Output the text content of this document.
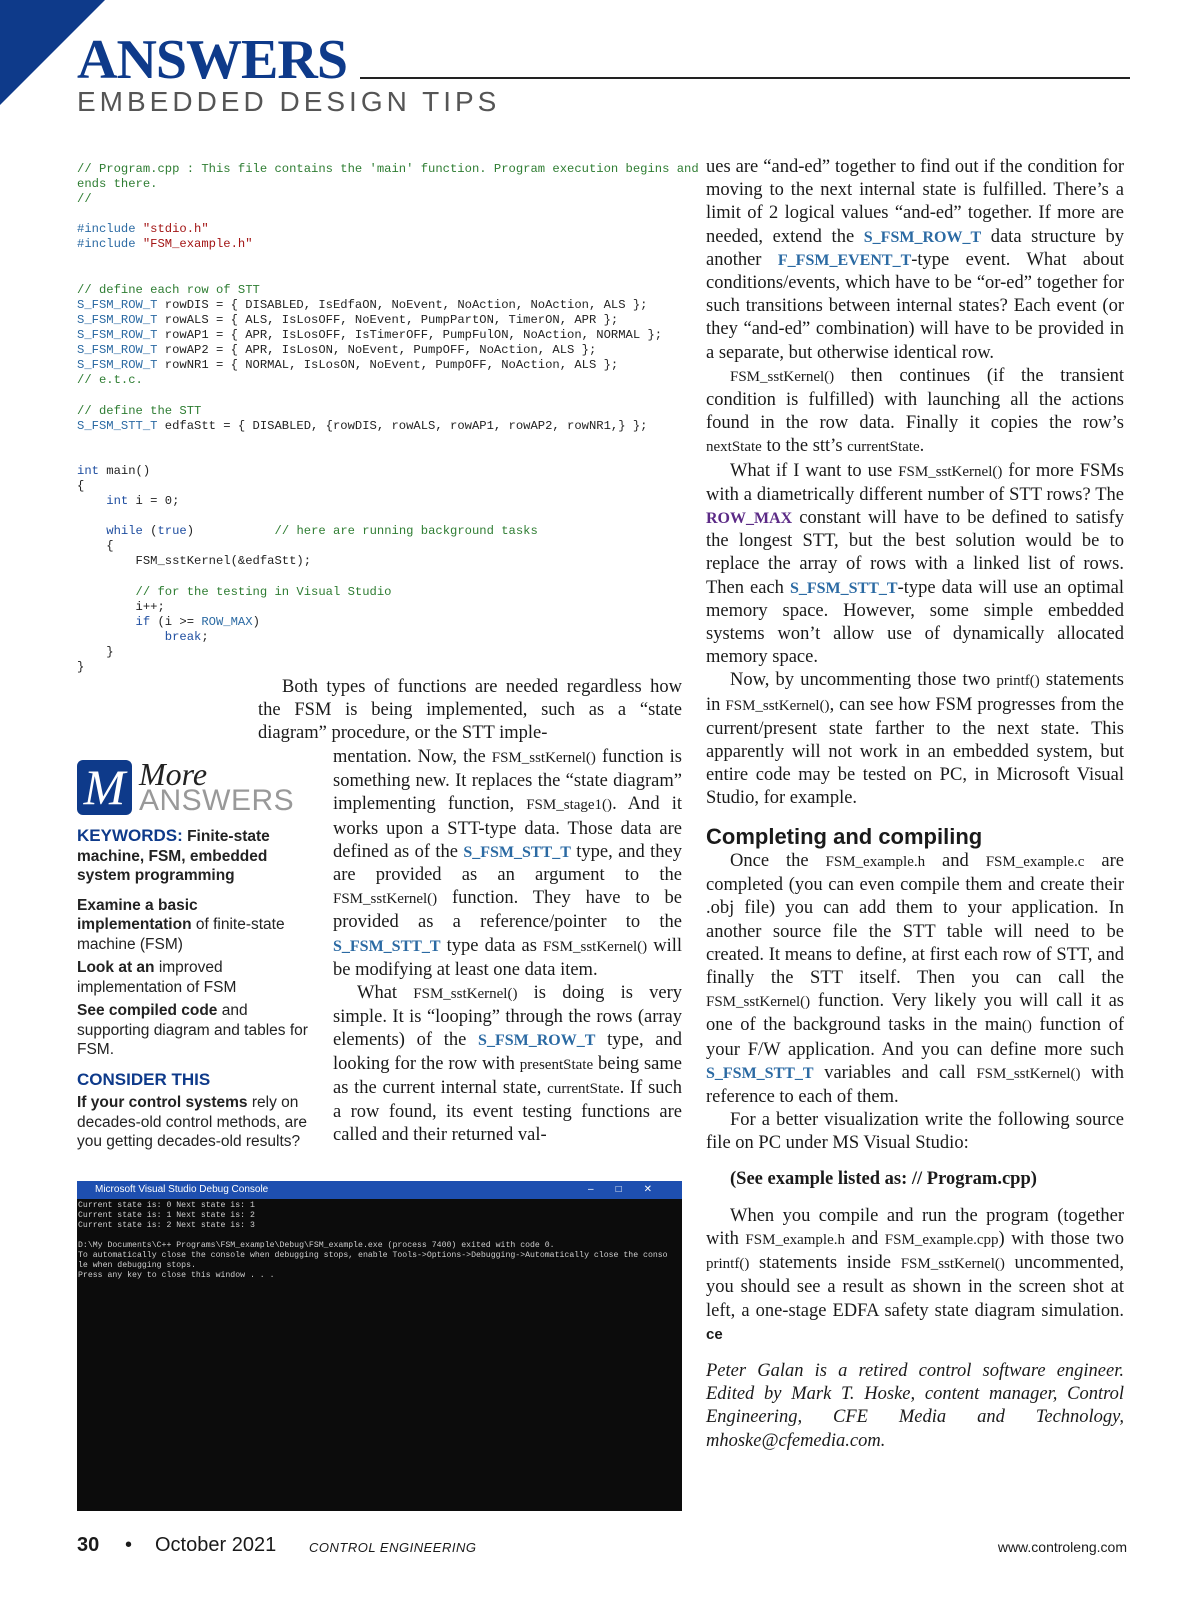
ANSWERS
EMBEDDED DESIGN TIPS
// Program.cpp : This file contains the 'main' function. Program execution begins and
ends there.
//

#include "stdio.h"
#include "FSM_example.h"

// define each row of STT
S_FSM_ROW_T rowDIS = { DISABLED, IsEdfaON, NoEvent, NoAction, NoAction, ALS };
S_FSM_ROW_T rowALS = { ALS, IsLosOFF, NoEvent, PumpPartON, TimerON, APR };
S_FSM_ROW_T rowAP1 = { APR, IsLosOFF, IsTimerOFF, PumpFulON, NoAction, NORMAL };
S_FSM_ROW_T rowAP2 = { APR, IsLosON, NoEvent, PumpOFF, NoAction, ALS };
S_FSM_ROW_T rowNR1 = { NORMAL, IsLosON, NoEvent, PumpOFF, NoAction, ALS };
// e.t.c.

// define the STT
S_FSM_STT_T edfaStt = { DISABLED, {rowDIS, rowALS, rowAP1, rowAP2, rowNR1,} };

int main()
{
int i = 0;

while (true)           // here are running background tasks
{
FSM_sstKernel(&edfaStt);

// for the testing in Visual Studio
i++;
if (i >= ROW_MAX)
break;
}
}
M More
ANSWERS

KEYWORDS: Finite-state machine, FSM, embedded system programming

Examine a basic implementation of finite-state machine (FSM)

Look at an improved implementation of FSM

See compiled code and supporting diagram and tables for FSM.

CONSIDER THIS

If your control systems rely on decades-old control methods, are you getting decades-old results?

Both types of functions are needed regardless how the FSM is being implemented, such as a “state diagram” procedure, or the STT imple-

mentation. Now, the FSM_sstKernel() function is something new. It replaces the “state diagram” implementing function, FSM_stage1(). And it works upon a STT-type data. Those data are defined as of the S_FSM_STT_T type, and they are provided as an argument to the FSM_sstKernel() function. They have to be provided as a reference/pointer to the S_FSM_STT_T type data as FSM_sstKernel() will be modifying at least one data item.

What FSM_sstKernel() is doing is very simple. It is “looping” through the rows (array elements) of the S_FSM_ROW_T type, and looking for the row with presentState being same as the current internal state, currentState. If such a row found, its event testing functions are called and their returned val-

Microsoft Visual Studio Debug Console	–□✕
Current state is: 0 Next state is: 1
Current state is: 1 Next state is: 2
Current state is: 2 Next state is: 3

D:\My Documents\C++ Programs\FSM_example\Debug\FSM_example.exe (process 7400) exited with code 0.
To automatically close the console when debugging stops, enable Tools->Options->Debugging->Automatically close the conso
le when debugging stops.
Press any key to close this window . . .

ues are “and-ed” together to find out if the condition for moving to the next internal state is fulfilled. There’s a limit of 2 logical values “and-ed” together. If more are needed, extend the S_FSM_ROW_T data structure by another F_FSM_EVENT_T-type event. What about conditions/events, which have to be “or-ed” together for such transitions between internal states? Each event (or they “and-ed” combination) will have to be provided in a separate, but otherwise identical row.

FSM_sstKernel() then continues (if the transient condition is fulfilled) with launching all the actions found in the row data. Finally it copies the row’s nextState to the stt’s currentState.

What if I want to use FSM_sstKernel() for more FSMs with a diametrically different number of STT rows? The ROW_MAX constant will have to be defined to satisfy the longest STT, but the best solution would be to replace the array of rows with a linked list of rows. Then each S_FSM_STT_T-type data will use an optimal memory space. However, some simple embedded systems won’t allow use of dynamically allocated memory space.

Now, by uncommenting those two printf() statements in FSM_sstKernel(), can see how FSM progresses from the current/present state farther to the next state. This apparently will not work in an embedded system, but entire code may be tested on PC, in Microsoft Visual Studio, for example.

Completing and compiling

Once the FSM_example.h and FSM_example.c are completed (you can even compile them and create their .obj file) you can add them to your application. In another source file the STT table will need to be created. It means to define, at first each row of STT, and finally the STT itself. Then you can call the FSM_sstKernel() function. Very likely you will call it as one of the background tasks in the main() function of your F/W application. And you can define more such S_FSM_STT_T variables and call FSM_sstKernel() with reference to each of them.

For a better visualization write the following source file on PC under MS Visual Studio:

(See example listed as: // Program.cpp)

When you compile and run the program (together with FSM_example.h and FSM_example.cpp) with those two printf() statements inside FSM_sstKernel() uncommented, you should see a result as shown in the screen shot at left, a one-stage EDFA safety state diagram simulation. ce

Peter Galan is a retired control software engineer. Edited by Mark T. Hoske, content manager, Control Engineering, CFE Media and Technology, mhoske@cfemedia.com.

30 • October 2021	CONTROL ENGINEERING	www.controleng.com
